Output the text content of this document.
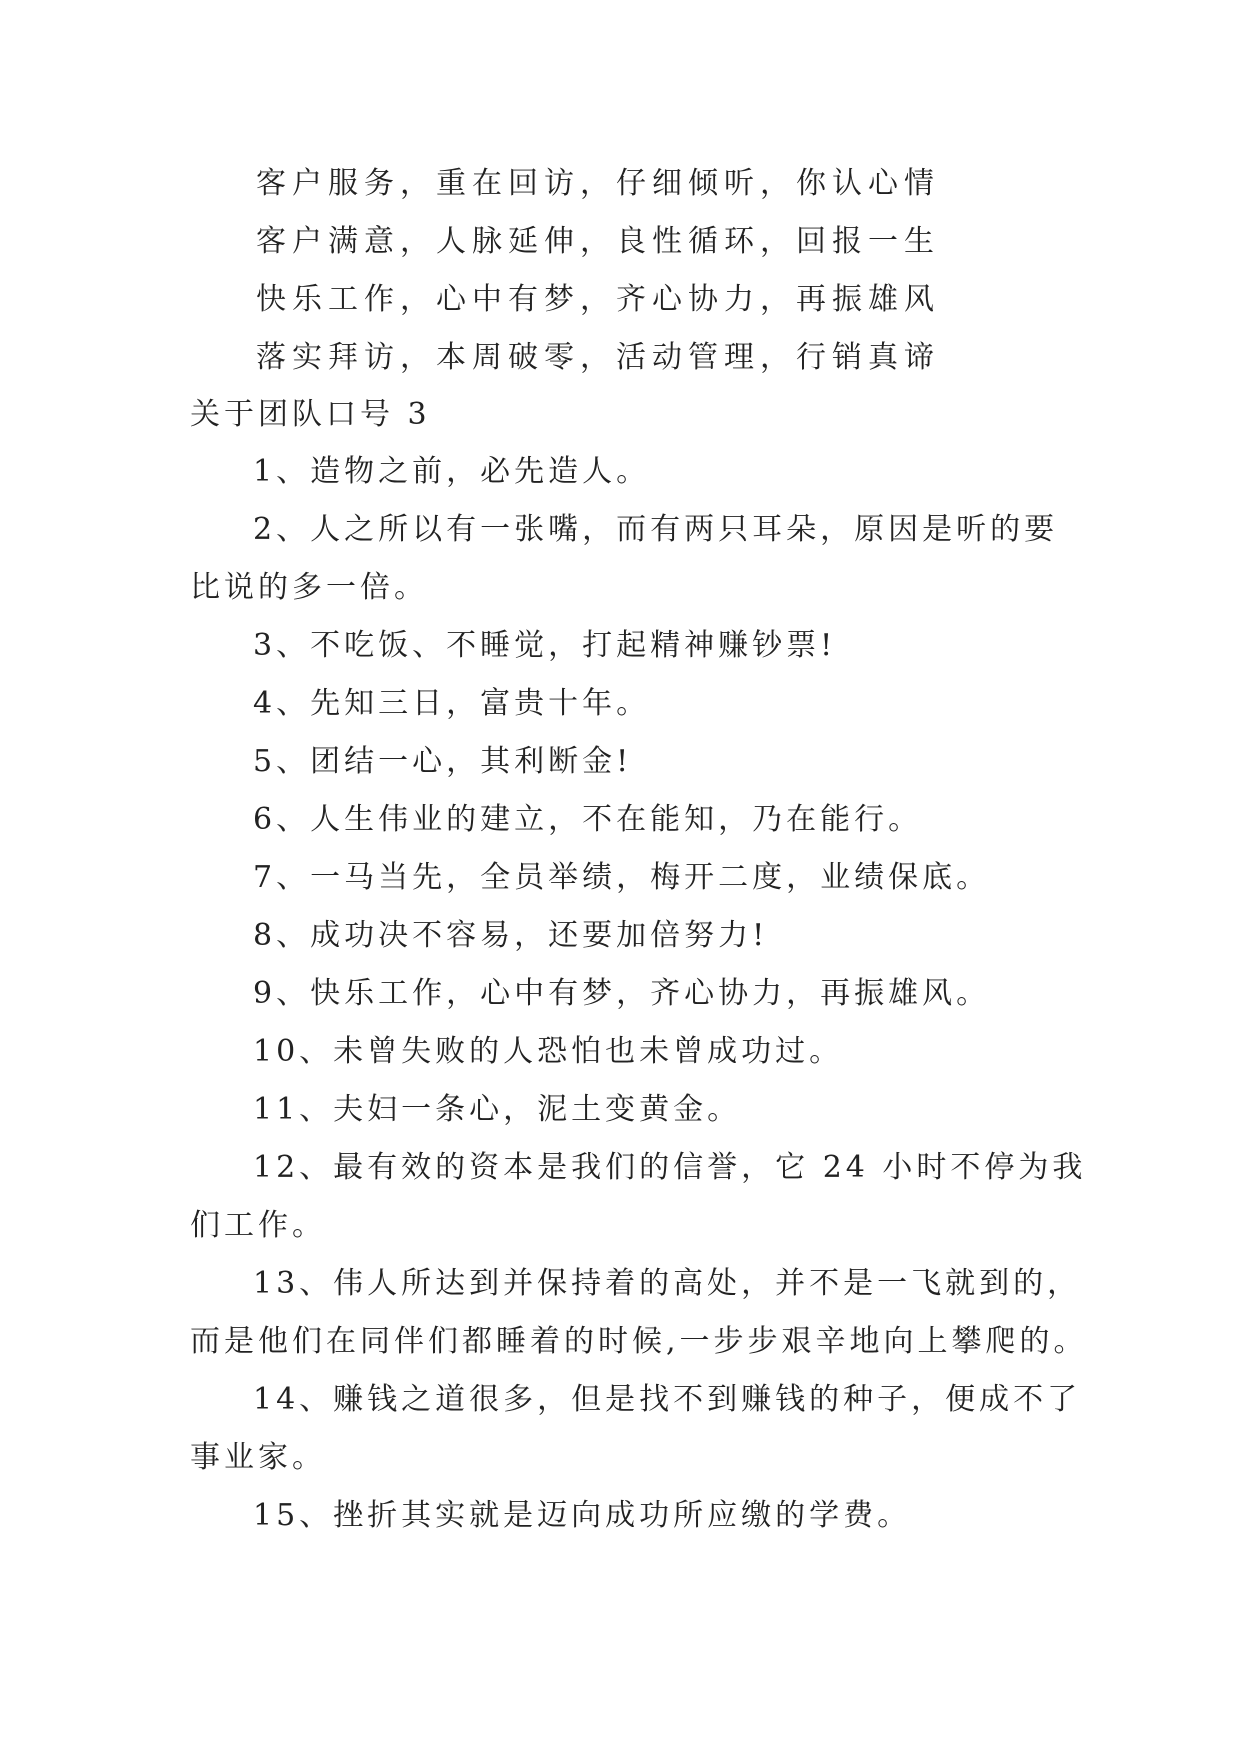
客户服务，重在回访，仔细倾听，你认心情

客户满意，人脉延伸，良性循环，回报一生

快乐工作，心中有梦，齐心协力，再振雄风

落实拜访，本周破零，活动管理，行销真谛

关于团队口号 3

1、造物之前，必先造人。

2、人之所以有一张嘴，而有两只耳朵，原因是听的要
比说的多一倍。

3、不吃饭、不睡觉，打起精神赚钞票!

4、先知三日，富贵十年。

5、团结一心，其利断金!

6、人生伟业的建立，不在能知，乃在能行。

7、一马当先，全员举绩，梅开二度，业绩保底。

8、成功决不容易，还要加倍努力!

9、快乐工作，心中有梦，齐心协力，再振雄风。

10、未曾失败的人恐怕也未曾成功过。

11、夫妇一条心，泥土变黄金。

12、最有效的资本是我们的信誉，它 24 小时不停为我
们工作。

13、伟人所达到并保持着的高处，并不是一飞就到的，
而是他们在同伴们都睡着的时候,一步步艰辛地向上攀爬的。

14、赚钱之道很多，但是找不到赚钱的种子，便成不了
事业家。

15、挫折其实就是迈向成功所应缴的学费。
